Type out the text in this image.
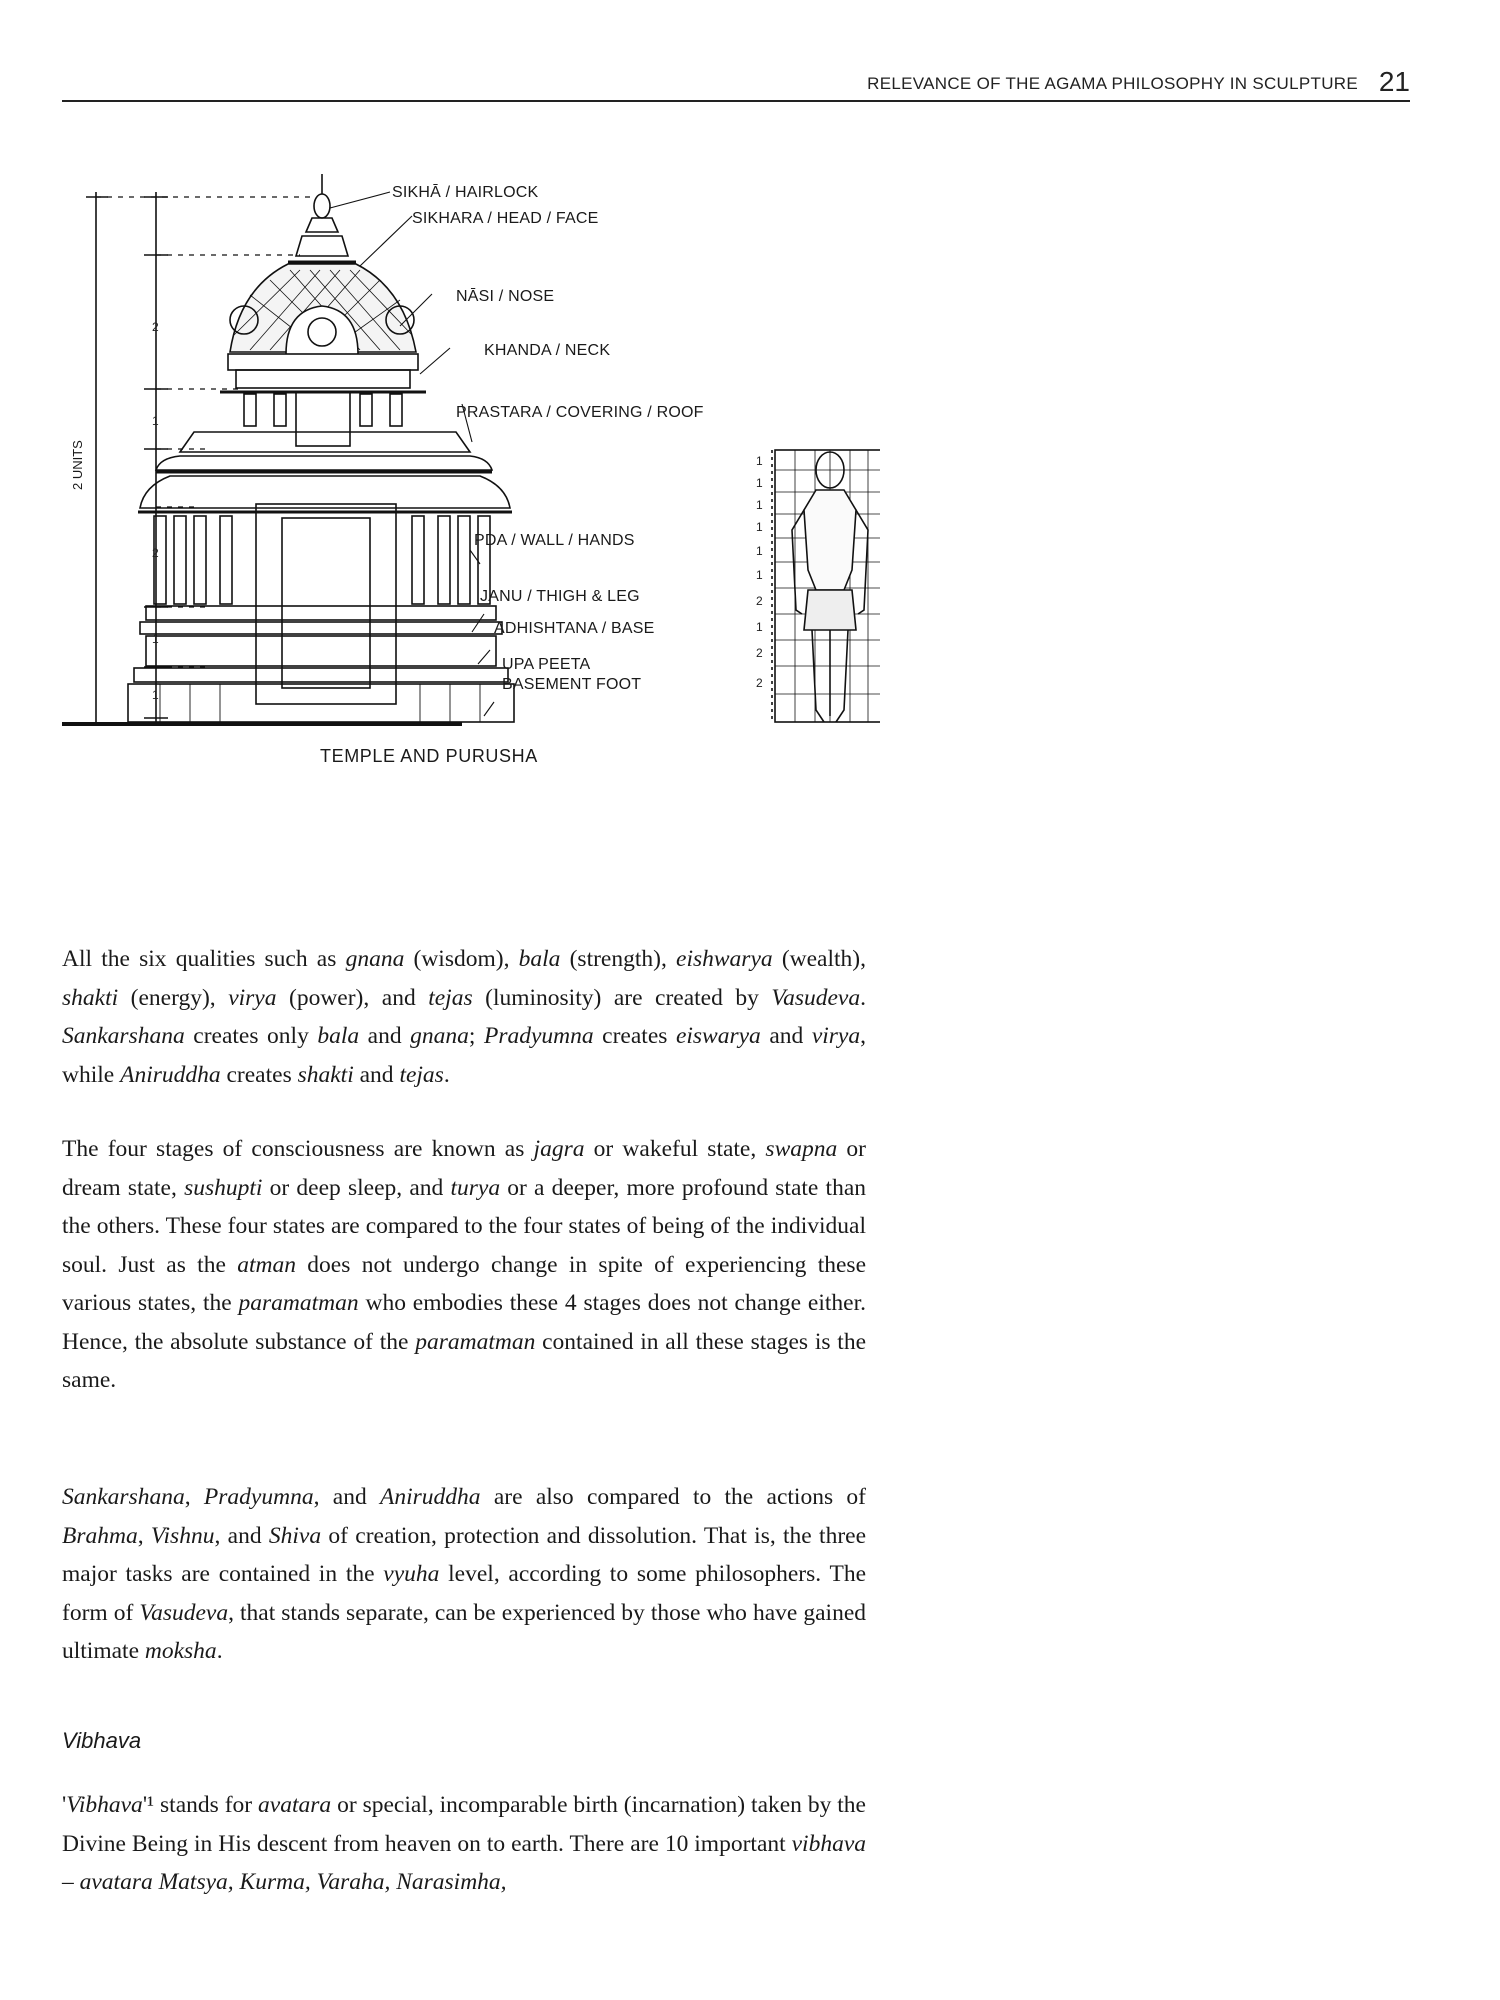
RELEVANCE OF THE AGAMA PHILOSOPHY IN SCULPTURE 21
2 UNITS
2
1
2
1
1
1
1
1
1
1
1
2
1
2
2
SIKHĀ / HAIRLOCK
SIKHARA / HEAD / FACE
NĀSI / NOSE
KHANDA / NECK
PRASTARA / COVERING / ROOF
PDA / WALL / HANDS
JANU / THIGH & LEG
ADHISHTANA / BASE
UPA PEETA
BASEMENT FOOT
TEMPLE AND PURUSHA

All the six qualities such as gnana (wisdom), bala (strength), eishwarya (wealth), shakti (energy), virya (power), and tejas (luminosity) are created by Vasudeva. Sankarshana creates only bala and gnana; Pradyumna creates eiswarya and virya, while Aniruddha creates shakti and tejas.

The four stages of consciousness are known as jagra or wakeful state, swapna or dream state, sushupti or deep sleep, and turya or a deeper, more profound state than the others. These four states are compared to the four states of being of the individual soul. Just as the atman does not undergo change in spite of experiencing these various states, the paramatman who embodies these 4 stages does not change either. Hence, the absolute substance of the paramatman contained in all these stages is the same.

Sankarshana, Pradyumna, and Aniruddha are also compared to the actions of Brahma, Vishnu, and Shiva of creation, protection and dissolution. That is, the three major tasks are contained in the vyuha level, according to some philosophers. The form of Vasudeva, that stands separate, can be experienced by those who have gained ultimate moksha.

Vibhava

'Vibhava'¹ stands for avatara or special, incomparable birth (incarnation) taken by the Divine Being in His descent from heaven on to earth. There are 10 important vibhava – avatara Matsya, Kurma, Varaha, Narasimha,
